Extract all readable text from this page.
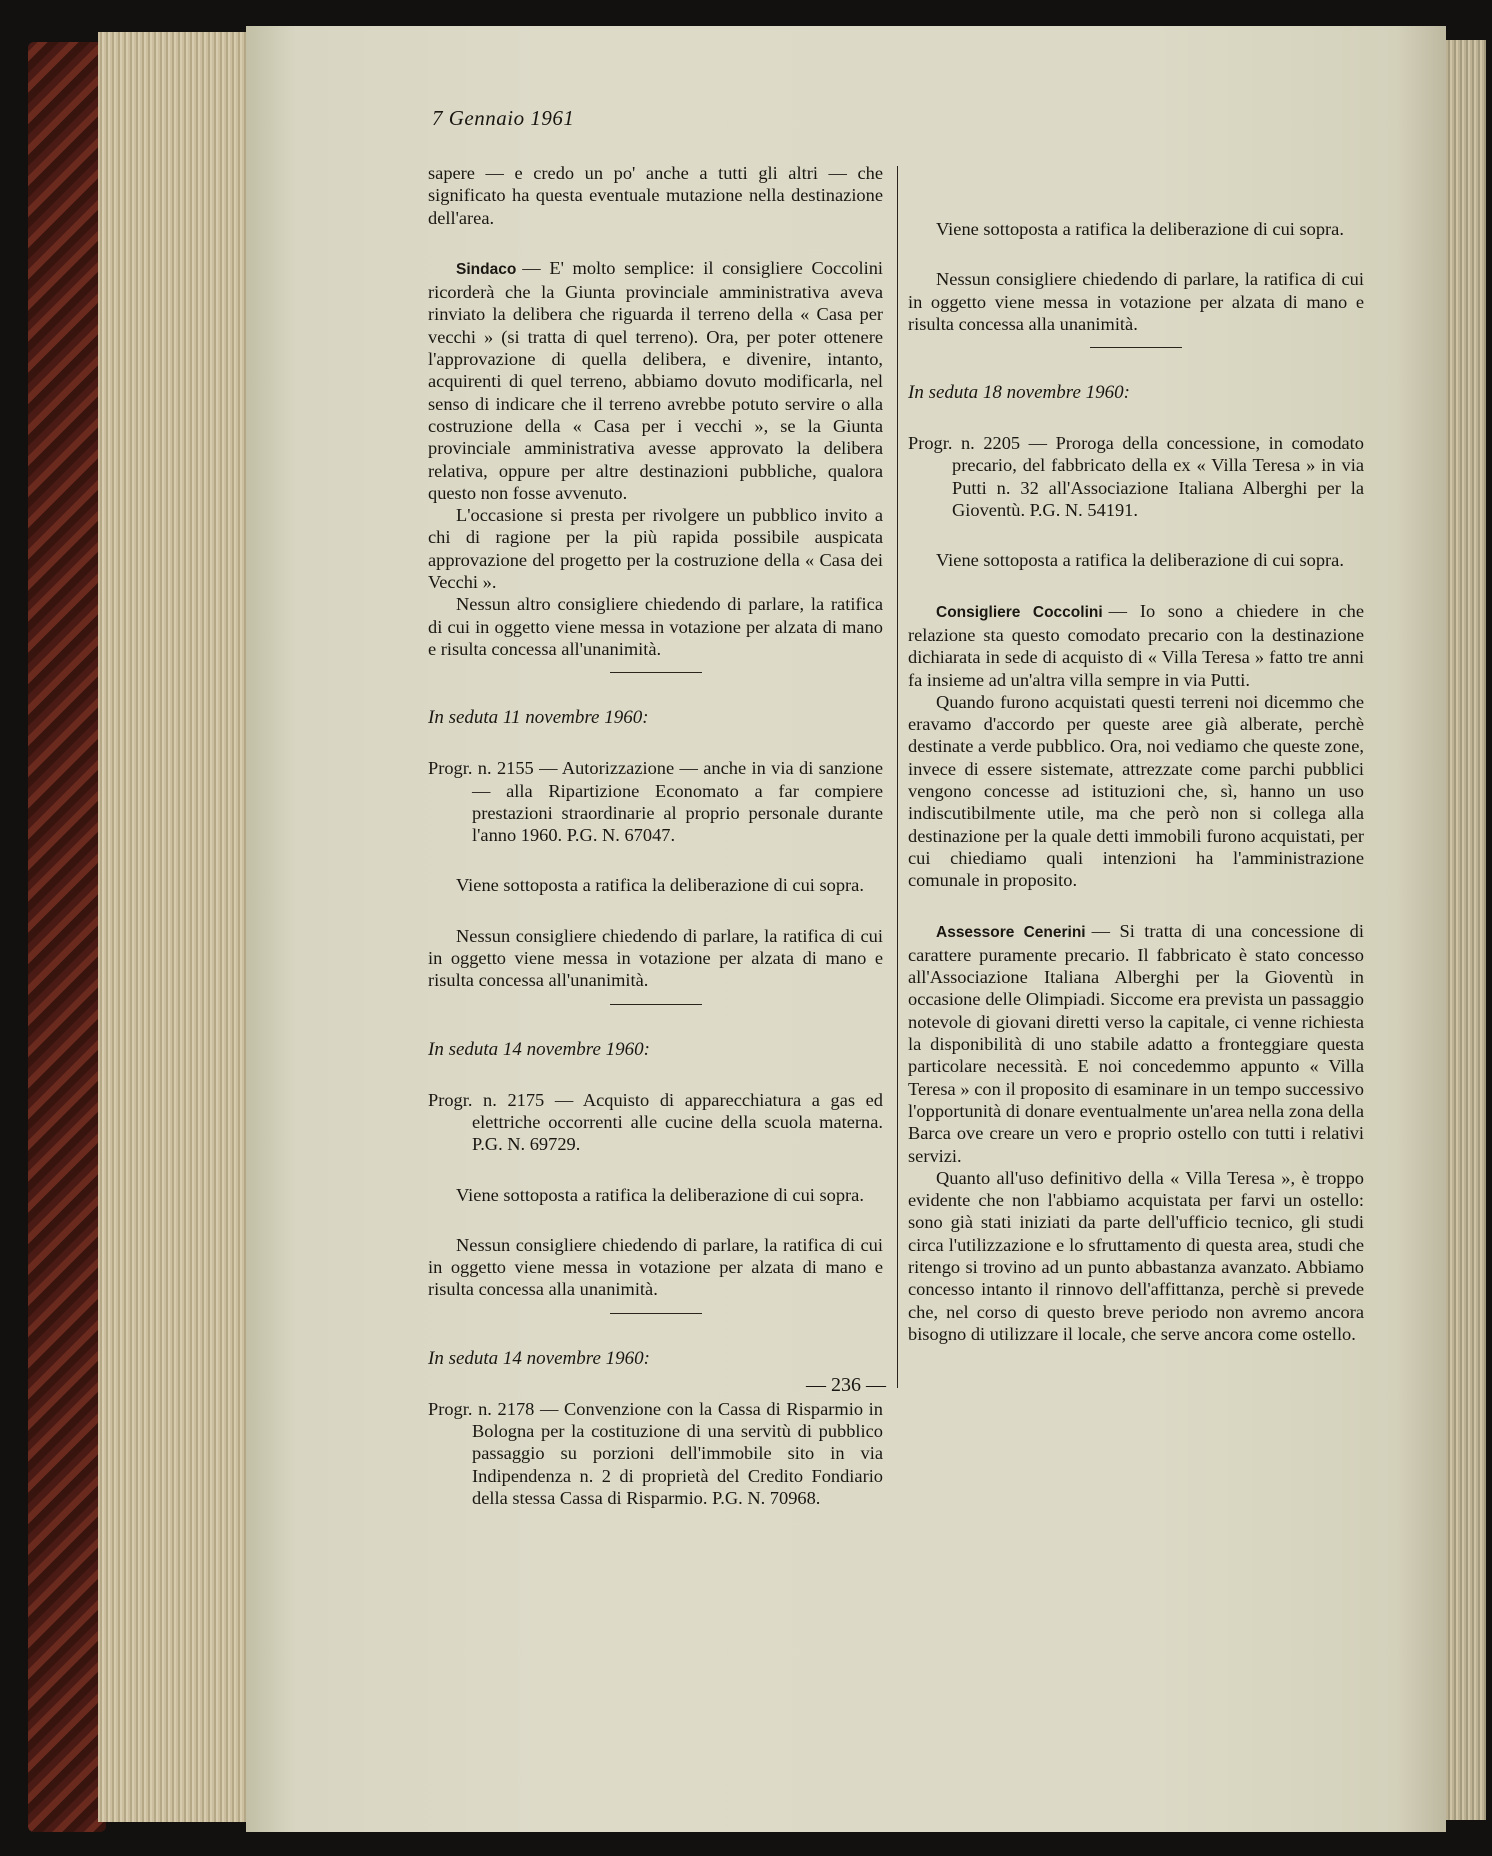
7 Gennaio 1961

sapere — e credo un po' anche a tutti gli altri — che significato ha questa eventuale mutazione nella destinazione dell'area.

Sindaco — E' molto semplice: il consigliere Coccolini ricorderà che la Giunta provinciale amministrativa aveva rinviato la delibera che riguarda il terreno della « Casa per vecchi » (si tratta di quel terreno). Ora, per poter ottenere l'approvazione di quella delibera, e divenire, intanto, acquirenti di quel terreno, abbiamo dovuto modificarla, nel senso di indicare che il terreno avrebbe potuto servire o alla costruzione della « Casa per i vecchi », se la Giunta provinciale amministrativa avesse approvato la delibera relativa, oppure per altre destinazioni pubbliche, qualora questo non fosse avvenuto.

L'occasione si presta per rivolgere un pubblico invito a chi di ragione per la più rapida possibile auspicata approvazione del progetto per la costruzione della « Casa dei Vecchi ».

Nessun altro consigliere chiedendo di parlare, la ratifica di cui in oggetto viene messa in votazione per alzata di mano e risulta concessa all'unanimità.

In seduta 11 novembre 1960:

Progr. n. 2155 — Autorizzazione — anche in via di sanzione — alla Ripartizione Economato a far compiere prestazioni straordinarie al proprio personale durante l'anno 1960. P.G. N. 67047.

Viene sottoposta a ratifica la deliberazione di cui sopra.

Nessun consigliere chiedendo di parlare, la ratifica di cui in oggetto viene messa in votazione per alzata di mano e risulta concessa all'unanimità.

In seduta 14 novembre 1960:

Progr. n. 2175 — Acquisto di apparecchiatura a gas ed elettriche occorrenti alle cucine della scuola materna. P.G. N. 69729.

Viene sottoposta a ratifica la deliberazione di cui sopra.

Nessun consigliere chiedendo di parlare, la ratifica di cui in oggetto viene messa in votazione per alzata di mano e risulta concessa alla unanimità.

In seduta 14 novembre 1960:

Progr. n. 2178 — Convenzione con la Cassa di Risparmio in Bologna per la costituzione di una servitù di pubblico passaggio su porzioni dell'immobile sito in via Indipendenza n. 2 di proprietà del Credito Fondiario della stessa Cassa di Risparmio. P.G. N. 70968.

Viene sottoposta a ratifica la deliberazione di cui sopra.

Nessun consigliere chiedendo di parlare, la ratifica di cui in oggetto viene messa in votazione per alzata di mano e risulta concessa alla unanimità.

In seduta 18 novembre 1960:

Progr. n. 2205 — Proroga della concessione, in comodato precario, del fabbricato della ex « Villa Teresa » in via Putti n. 32 all'Associazione Italiana Alberghi per la Gioventù. P.G. N. 54191.

Viene sottoposta a ratifica la deliberazione di cui sopra.

Consigliere Coccolini — Io sono a chiedere in che relazione sta questo comodato precario con la destinazione dichiarata in sede di acquisto di « Villa Teresa » fatto tre anni fa insieme ad un'altra villa sempre in via Putti.

Quando furono acquistati questi terreni noi dicemmo che eravamo d'accordo per queste aree già alberate, perchè destinate a verde pubblico. Ora, noi vediamo che queste zone, invece di essere sistemate, attrezzate come parchi pubblici vengono concesse ad istituzioni che, sì, hanno un uso indiscutibilmente utile, ma che però non si collega alla destinazione per la quale detti immobili furono acquistati, per cui chiediamo quali intenzioni ha l'amministrazione comunale in proposito.

Assessore Cenerini — Si tratta di una concessione di carattere puramente precario. Il fabbricato è stato concesso all'Associazione Italiana Alberghi per la Gioventù in occasione delle Olimpiadi. Siccome era prevista un passaggio notevole di giovani diretti verso la capitale, ci venne richiesta la disponibilità di uno stabile adatto a fronteggiare questa particolare necessità. E noi concedemmo appunto « Villa Teresa » con il proposito di esaminare in un tempo successivo l'opportunità di donare eventualmente un'area nella zona della Barca ove creare un vero e proprio ostello con tutti i relativi servizi.

Quanto all'uso definitivo della « Villa Teresa », è troppo evidente che non l'abbiamo acquistata per farvi un ostello: sono già stati iniziati da parte dell'ufficio tecnico, gli studi circa l'utilizzazione e lo sfruttamento di questa area, studi che ritengo si trovino ad un punto abbastanza avanzato. Abbiamo concesso intanto il rinnovo dell'affittanza, perchè si prevede che, nel corso di questo breve periodo non avremo ancora bisogno di utilizzare il locale, che serve ancora come ostello.

— 236 —
